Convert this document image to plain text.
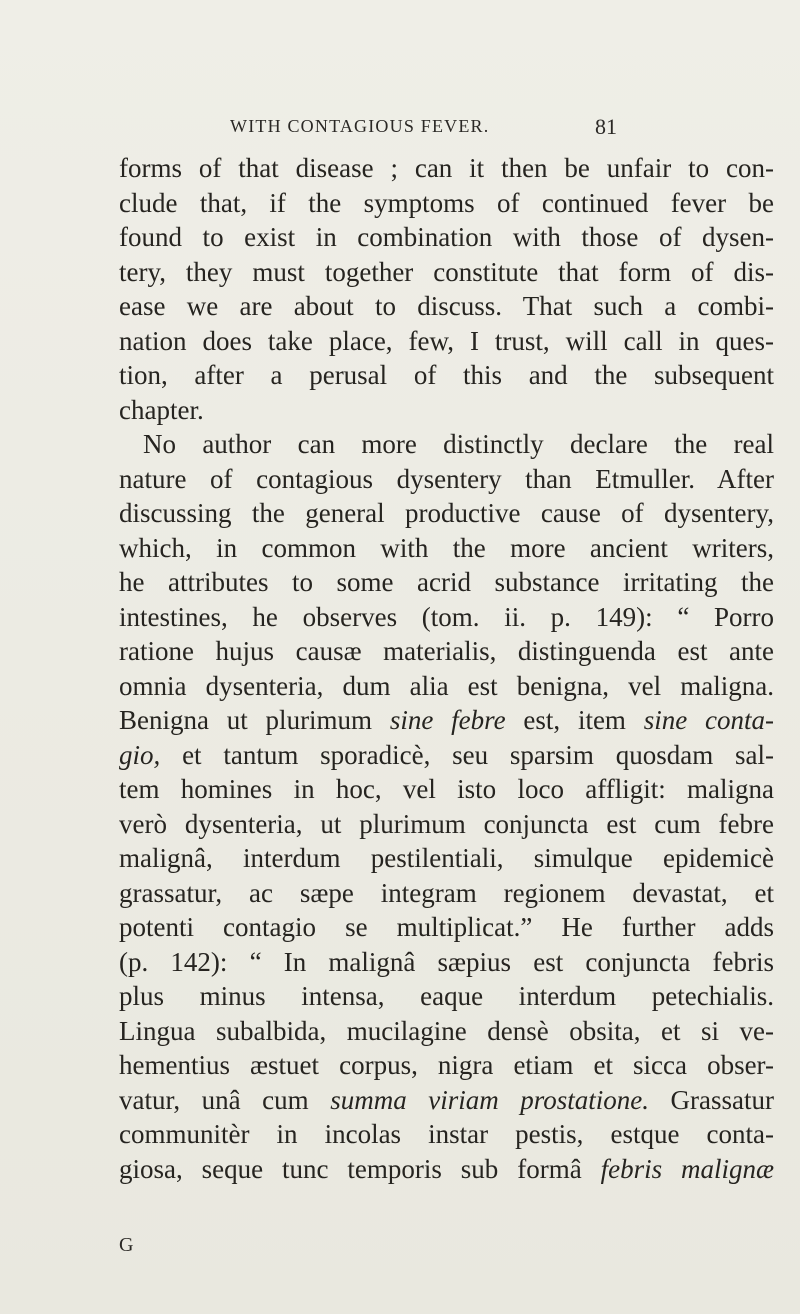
WITH CONTAGIOUS FEVER.	81
forms of that disease ; can it then be unfair to con-
clude that, if the symptoms of continued fever be
found to exist in combination with those of dysen-
tery, they must together constitute that form of dis-
ease we are about to discuss. That such a combi-
nation does take place, few, I trust, will call in ques-
tion, after a perusal of this and the subsequent
chapter.
No author can more distinctly declare the real
nature of contagious dysentery than Etmuller. After
discussing the general productive cause of dysentery,
which, in common with the more ancient writers,
he attributes to some acrid substance irritating the
intestines, he observes (tom. ii. p. 149): “ Porro
ratione hujus causæ materialis, distinguenda est ante
omnia dysenteria, dum alia est benigna, vel maligna.
Benigna ut plurimum sine febre est, item sine conta-
gio, et tantum sporadicè, seu sparsim quosdam sal-
tem homines in hoc, vel isto loco affligit: maligna
verò dysenteria, ut plurimum conjuncta est cum febre
malignâ, interdum pestilentiali, simulque epidemicè
grassatur, ac sæpe integram regionem devastat, et
potenti contagio se multiplicat.” He further adds
(p. 142): “ In malignâ sæpius est conjuncta febris
plus minus intensa, eaque interdum petechialis.
Lingua subalbida, mucilagine densè obsita, et si ve-
hementius æstuet corpus, nigra etiam et sicca obser-
vatur, unâ cum summa viriam prostatione. Grassatur
communitèr in incolas instar pestis, estque conta-
giosa, seque tunc temporis sub formâ febris malignæ
G
